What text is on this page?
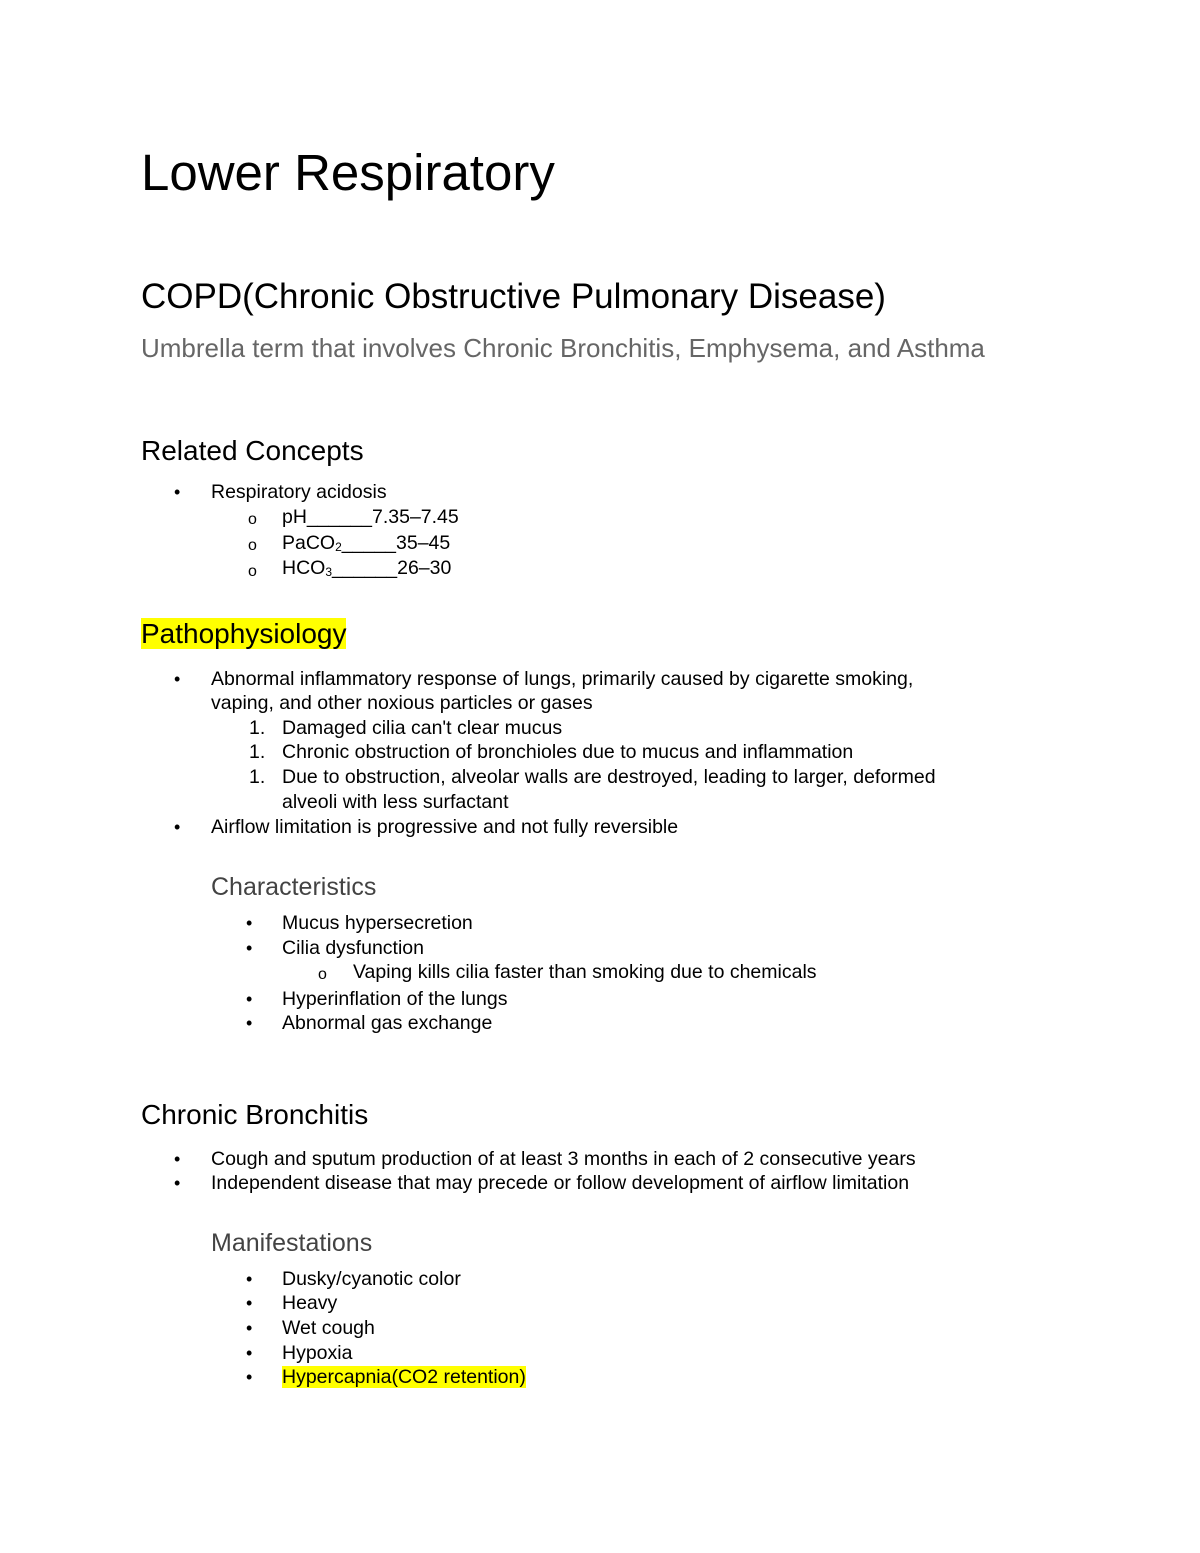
Lower Respiratory
COPD(Chronic Obstructive Pulmonary Disease)
Umbrella term that involves Chronic Bronchitis, Emphysema, and Asthma
Related Concepts
• Respiratory acidosis
o pH______7.35–7.45
o PaCO$_2$_____35–45
o $HCO_3\_\_\_\_\_\_26-30$
Pathophysiology
• Abnormal inflammatory response of lungs, primarily caused by cigarette smoking,
vaping, and other noxious particles or gases
1. Damaged cilia can't clear mucus
1. Chronic obstruction of bronchioles due to mucus and inflammation
1. Due to obstruction, alveolar walls are destroyed, leading to larger, deformed
alveoli with less surfactant
• Airflow limitation is progressive and not fully reversible
Characteristics
• Mucus hypersecretion
• Cilia dysfunction
o Vaping kills cilia faster than smoking due to chemicals
• Hyperinflation of the lungs
• Abnormal gas exchange
Chronic Bronchitis
• Cough and sputum production of at least 3 months in each of 2 consecutive years
• Independent disease that may precede or follow development of airflow limitation
Manifestations
• Dusky/cyanotic color
• Heavy
• Wet cough
• Hypoxia
• Hypercapnia(CO2 retention)
